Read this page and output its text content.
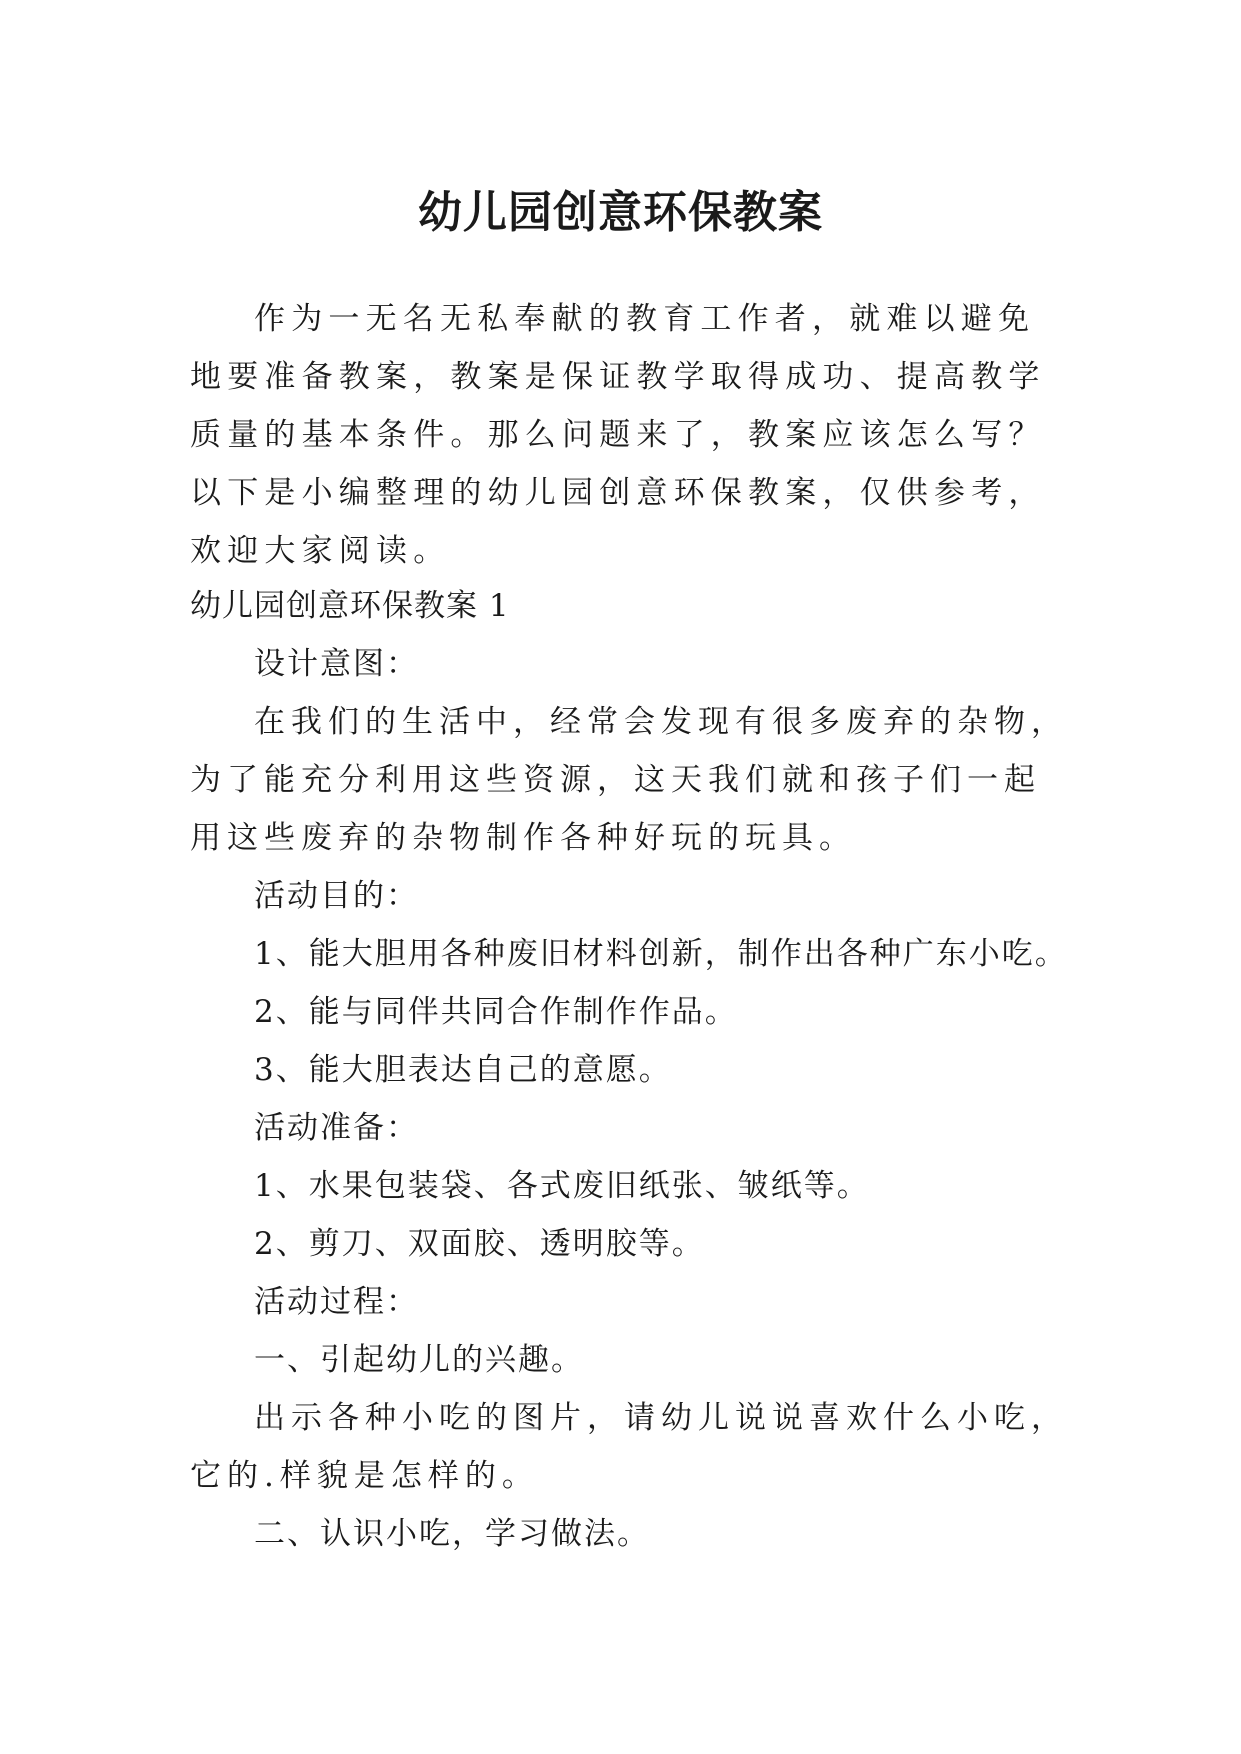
幼儿园创意环保教案

作为一无名无私奉献的教育工作者，就难以避免地要准备教案，教案是保证教学取得成功、提高教学质量的基本条件。那么问题来了，教案应该怎么写？以下是小编整理的幼儿园创意环保教案，仅供参考，欢迎大家阅读。

幼儿园创意环保教案 1

设计意图：

在我们的生活中，经常会发现有很多废弃的杂物，为了能充分利用这些资源，这天我们就和孩子们一起用这些废弃的杂物制作各种好玩的玩具。

活动目的：

1、能大胆用各种废旧材料创新，制作出各种广东小吃。

2、能与同伴共同合作制作作品。

3、能大胆表达自己的意愿。

活动准备：

1、水果包装袋、各式废旧纸张、皱纸等。

2、剪刀、双面胶、透明胶等。

活动过程：

一、引起幼儿的兴趣。

出示各种小吃的图片，请幼儿说说喜欢什么小吃，它的.样貌是怎样的。

二、认识小吃，学习做法。
